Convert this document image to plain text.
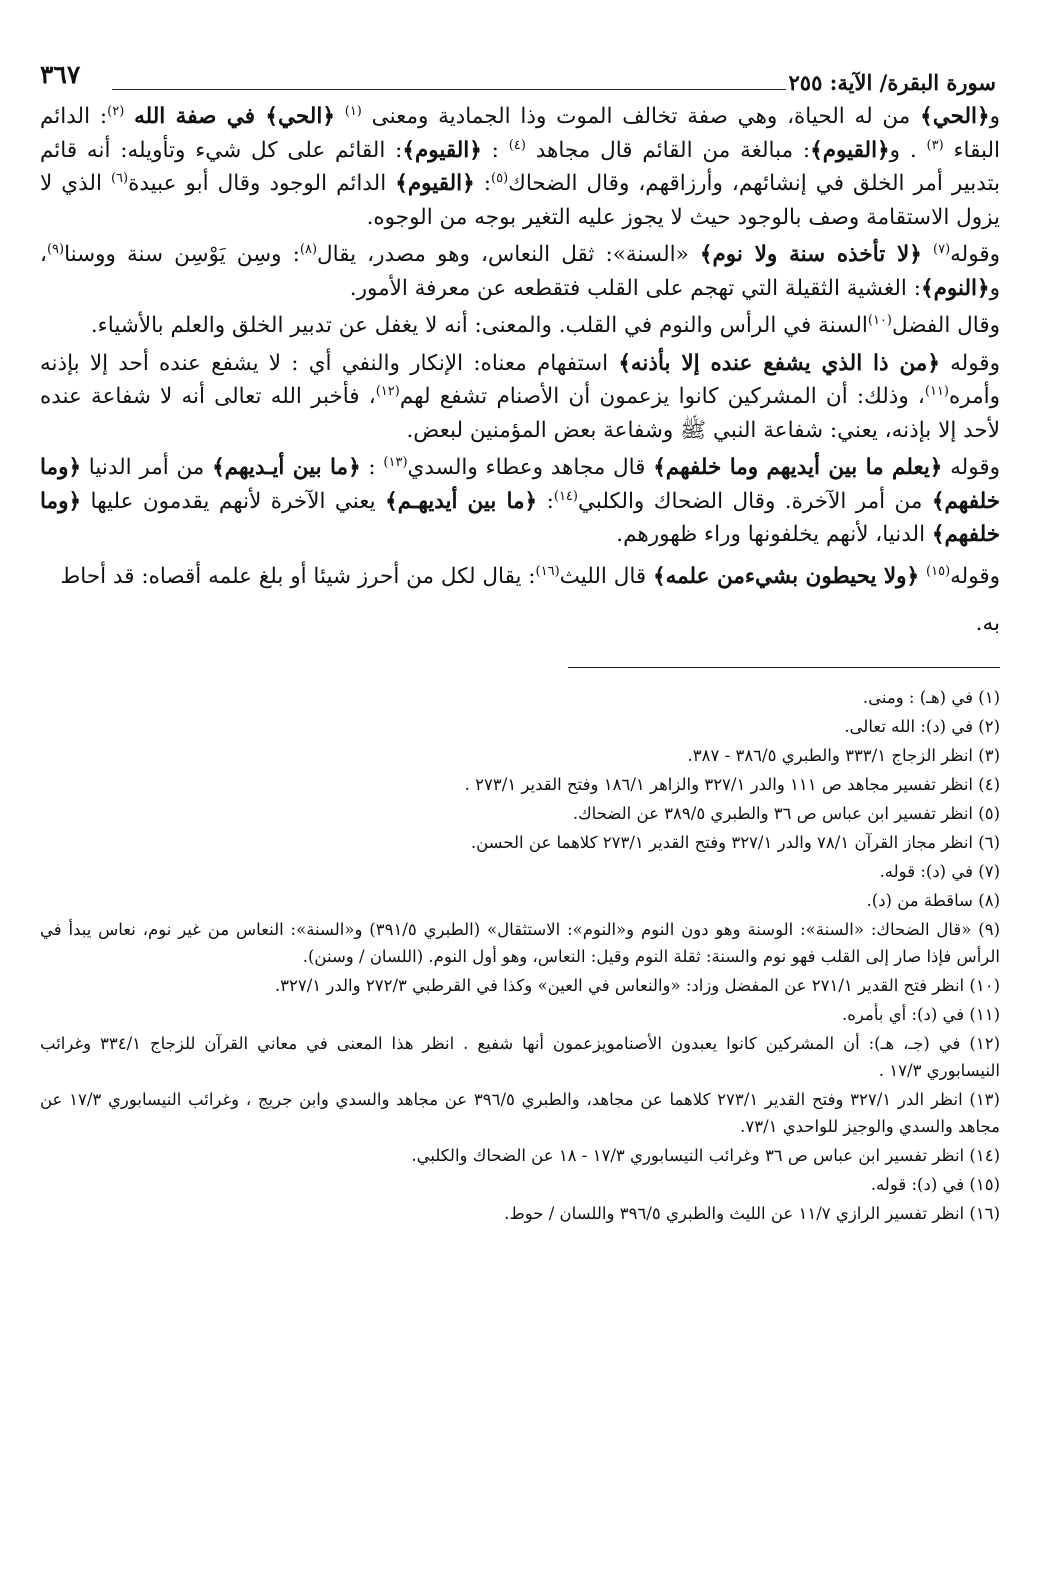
سورة البقرة/ الآية: ٢٥٥
٣٦٧

و﴿الحي﴾ من له الحياة، وهي صفة تخالف الموت وذا الجمادية ومعنى $^{(١)}$ ﴿الحي﴾ في صفة الله $^{(٢)}$: الدائم البقاء $^{(٣)}$ . و﴿القيوم﴾: مبالغة من القائم قال مجاهد $^{(٤)}$ : ﴿القيوم﴾: القائم على كل شيء وتأويله: أنه قائم بتدبير أمر الخلق في إنشائهم، وأرزاقهم، وقال الضحاك$^{(٥)}$: ﴿القيوم﴾ الدائم الوجود وقال أبو عبيدة$^{(٦)}$ الذي لا يزول الاستقامة وصف بالوجود حيث لا يجوز عليه التغير بوجه من الوجوه.

وقوله$^{(٧)}$ ﴿لا تأخذه سنة ولا نوم﴾ «السنة»: ثقل النعاس، وهو مصدر، يقال$^{(٨)}$: وسِن يَوْسِن سنة ووسنا$^{(٩)}$، و﴿النوم﴾: الغشية الثقيلة التي تهجم على القلب فتقطعه عن معرفة الأمور.

وقال الفضل$^{(١٠)}$السنة في الرأس والنوم في القلب. والمعنى: أنه لا يغفل عن تدبير الخلق والعلم بالأشياء.

وقوله ﴿من ذا الذي يشفع عنده إلا بأذنه﴾ استفهام معناه: الإنكار والنفي أي : لا يشفع عنده أحد إلا بإذنه وأمره$^{(١١)}$، وذلك: أن المشركين كانوا يزعمون أن الأصنام تشفع لهم$^{(١٢)}$، فأخبر الله تعالى أنه لا شفاعة عنده لأحد إلا بإذنه، يعني: شفاعة النبي ﷺ وشفاعة بعض المؤمنين لبعض.

وقوله ﴿يعلم ما بين أيديهم وما خلفهم﴾ قال مجاهد وعطاء والسدي$^{(١٣)}$ : ﴿ما بين أيـديهم﴾ من أمر الدنيا ﴿وما خلفهم﴾ من أمر الآخرة. وقال الضحاك والكلبي$^{(١٤)}$: ﴿ما بين أيديهـم﴾ يعني الآخرة لأنهم يقدمون عليها ﴿وما خلفهم﴾ الدنيا، لأنهم يخلفونها وراء ظهورهم.

وقوله$^{(١٥)}$ ﴿ولا يحيطون بشيءمن علمه﴾ قال الليث$^{(١٦)}$: يقال لكل من أحرز شيئا أو بلغ علمه أقصاه: قد أحاط

به.

(١) في (هـ) : ومنى.

(٢) في (د): الله تعالى.

(٣) انظر الزجاج ٣٣٣/١ والطبري ٣٨٦/٥ - ٣٨٧.

(٤) انظر تفسير مجاهد ص ١١١ والدر ٣٢٧/١ والزاهر ١٨٦/١ وفتح القدير ٢٧٣/١ .

(٥) انظر تفسير ابن عباس ص ٣٦ والطبري ٣٨٩/٥ عن الضحاك.

(٦) انظر مجاز القرآن ٧٨/١ والدر ٣٢٧/١ وفتح القدير ٢٧٣/١ كلاهما عن الحسن.

(٧) في (د): قوله.

(٨) ساقطة من (د).

(٩) «قال الضحاك: «السنة»: الوسنة وهو دون النوم و«النوم»: الاستثقال» (الطبري ٣٩١/٥) و«السنة»: النعاس من غير نوم، نعاس يبدأ في الرأس فإذا صار إلى القلب فهو نوم والسنة: ثقلة النوم وقيل: النعاس، وهو أول النوم. (اللسان / وسنن).

(١٠) انظر فتح القدير ٢٧١/١ عن المفضل وزاد: «والنعاس في العين» وكذا في القرطبي ٢٧٢/٣ والدر ٣٢٧/١.

(١١) في (د): أي بأمره.

(١٢) في (جـ، هـ): أن المشركين كانوا يعبدون الأصنامويزعمون أنها شفيع . انظر هذا المعنى في معاني القرآن للزجاج ٣٣٤/١ وغرائب النيسابوري ١٧/٣ .

(١٣) انظر الدر ٣٢٧/١ وفتح القدير ٢٧٣/١ كلاهما عن مجاهد، والطبري ٣٩٦/٥ عن مجاهد والسدي وابن جريج ، وغرائب النيسابوري ١٧/٣ عن مجاهد والسدي والوجيز للواحدي ٧٣/١.

(١٤) انظر تفسير ابن عباس ص ٣٦ وغرائب النيسابوري ١٧/٣ - ١٨ عن الضحاك والكلبي.

(١٥) في (د): قوله.

(١٦) انظر تفسير الرازي ١١/٧ عن الليث والطبري ٣٩٦/٥ واللسان / حوط.
